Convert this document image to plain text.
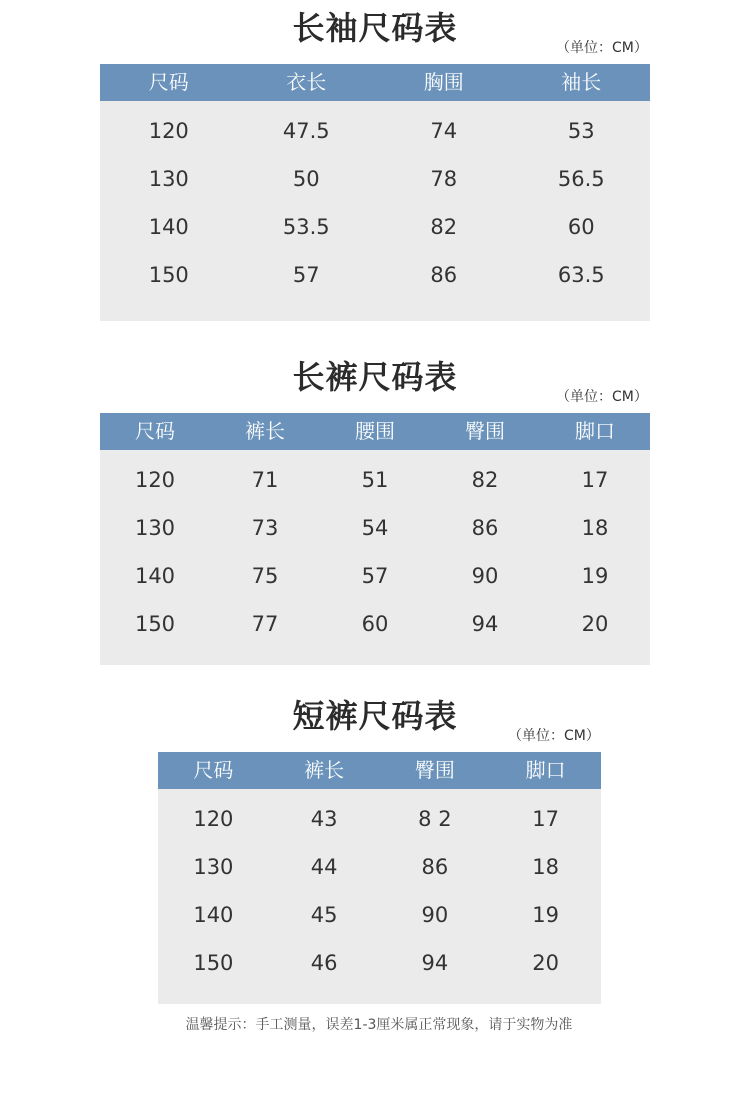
长袖尺码表
（单位：CM）
尺码	衣长	胸围	袖长
120	47.5	74	53
130	50	78	56.5
140	53.5	82	60
150	57	86	63.5
长裤尺码表
（单位：CM）
尺码	裤长	腰围	臀围	脚口
120	71	51	82	17
130	73	54	86	18
140	75	57	90	19
150	77	60	94	20
短裤尺码表
（单位：CM）
尺码	裤长	臀围	脚口
120	43	8 2	17
130	44	86	18
140	45	90	19
150	46	94	20
温馨提示：手工测量，误差1-3厘米属正常现象，请于实物为准
